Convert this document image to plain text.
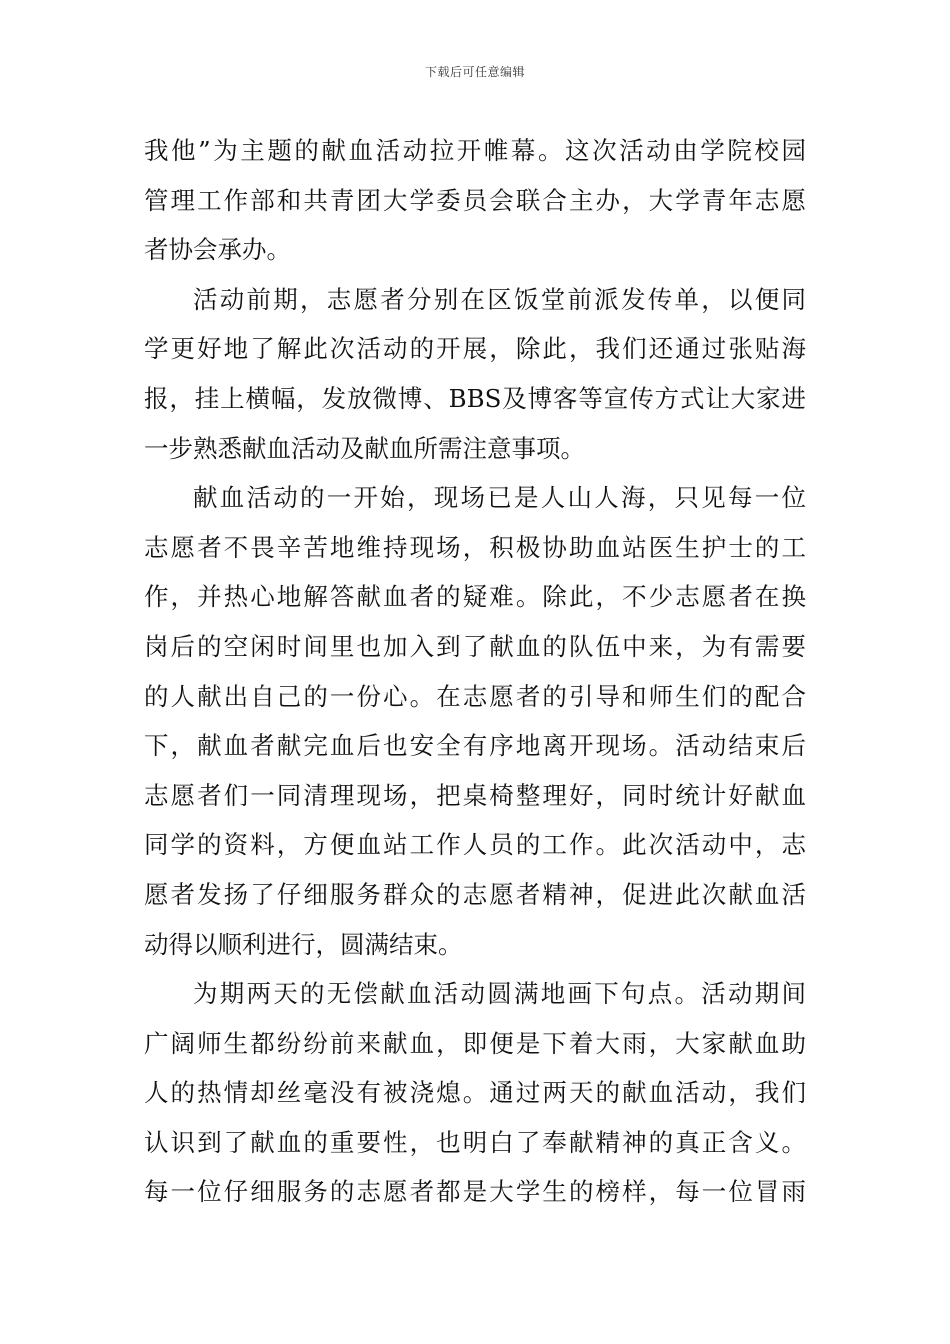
下载后可任意编辑
我他”为主题的献血活动拉开帷幕。这次活动由学院校园
管理工作部和共青团大学委员会联合主办，大学青年志愿
者协会承办。
活动前期，志愿者分别在区饭堂前派发传单，以便同
学更好地了解此次活动的开展，除此，我们还通过张贴海
报，挂上横幅，发放微博、BBS及博客等宣传方式让大家进
一步熟悉献血活动及献血所需注意事项。
献血活动的一开始，现场已是人山人海，只见每一位
志愿者不畏辛苦地维持现场，积极协助血站医生护士的工
作，并热心地解答献血者的疑难。除此，不少志愿者在换
岗后的空闲时间里也加入到了献血的队伍中来，为有需要
的人献出自己的一份心。在志愿者的引导和师生们的配合
下，献血者献完血后也安全有序地离开现场。活动结束后
志愿者们一同清理现场，把桌椅整理好，同时统计好献血
同学的资料，方便血站工作人员的工作。此次活动中，志
愿者发扬了仔细服务群众的志愿者精神，促进此次献血活
动得以顺利进行，圆满结束。
为期两天的无偿献血活动圆满地画下句点。活动期间
广阔师生都纷纷前来献血，即便是下着大雨，大家献血助
人的热情却丝毫没有被浇熄。通过两天的献血活动，我们
认识到了献血的重要性，也明白了奉献精神的真正含义。
每一位仔细服务的志愿者都是大学生的榜样，每一位冒雨
